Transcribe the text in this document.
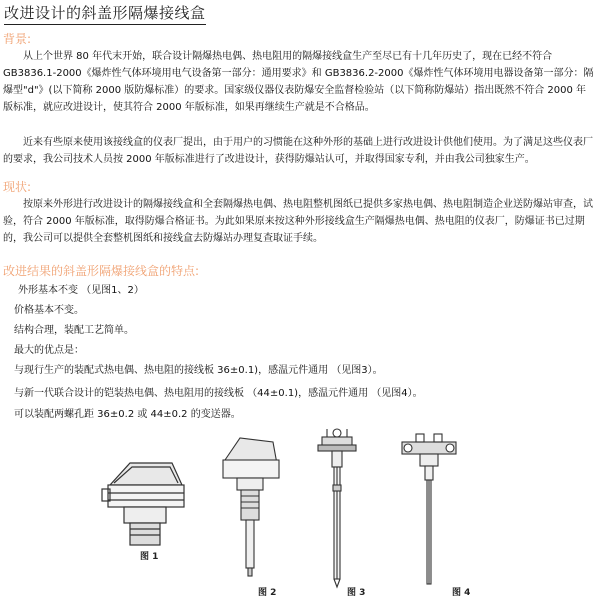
改进设计的斜盖形隔爆接线盒
背景:

从上个世界 80 年代末开始，联合设计隔爆热电偶、热电阻用的隔爆接线盒生产至尽已有十几年历史了，现在已经不符合 GB3836.1-2000《爆炸性气体环境用电气设备第一部分：通用要求》和 GB3836.2-2000《爆炸性气体环境用电器设备第一部分：隔爆型"d"》(以下简称 2000 版防爆标准）的要求。国家级仪器仪表防爆安全监督检验站（以下简称防爆站）指出既然不符合 2000 年版标准，就应改进设计，使其符合 2000 年版标准，如果再继续生产就是不合格品。

近来有些原来使用该接线盒的仪表厂提出，由于用户的习惯能在这种外形的基础上进行改进设计供他们使用。为了满足这些仪表厂的要求，我公司技术人员按 2000 年版标准进行了改进设计，获得防爆站认可，并取得国家专利，并由我公司独家生产。

现状:

按原来外形进行改进设计的隔爆接线盒和全套隔爆热电偶、热电阻整机图纸已提供多家热电偶、热电阻制造企业送防爆站审查，试验，符合 2000 年版标准，取得防爆合格证书。为此如果原来按这种外形接线盒生产隔爆热电偶、热电阻的仪表厂，防爆证书已过期的，我公司可以提供全套整机图纸和接线盒去防爆站办理复查取证手续。

改进结果的斜盖形隔爆接线盒的特点:
外形基本不变 （见图1、2）
价格基本不变。
结构合理，装配工艺简单。
最大的优点是：
与现行生产的装配式热电偶、热电阻的接线板 36±0.1)，感温元件通用 （见图3）。
与新一代联合设计的铠装热电偶、热电阻用的接线板 （44±0.1)，感温元件通用 （见图4）。
可以装配两螺孔距 36±0.2 或 44±0.2 的变送器。
图 1
图 2	图 3	图 4
